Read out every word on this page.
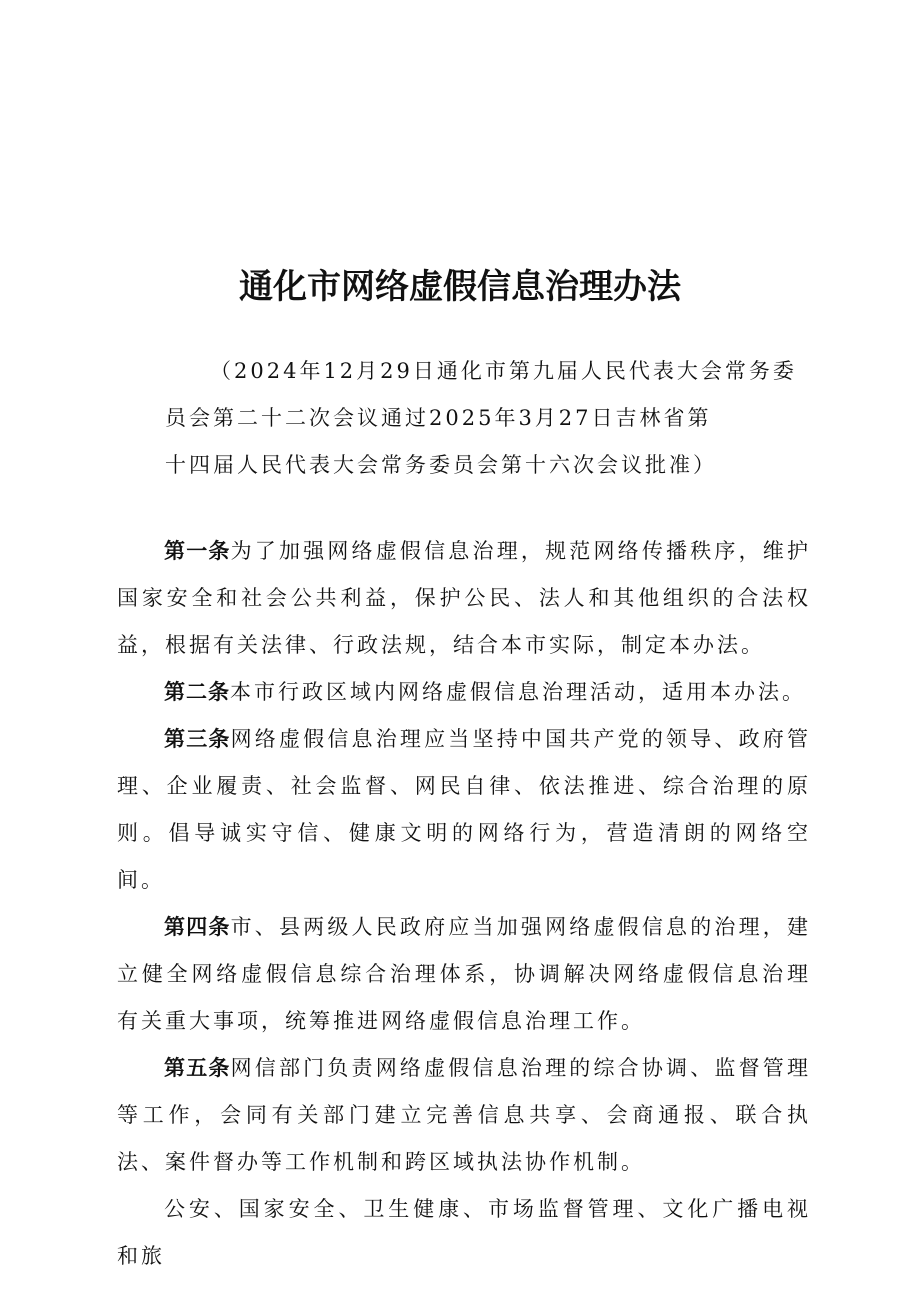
通化市网络虚假信息治理办法
（2024年12月29日通化市第九届人民代表大会常务委
员会第二十二次会议通过2025年3月27日吉林省第
十四届人民代表大会常务委员会第十六次会议批准）

第一条为了加强网络虚假信息治理，规范网络传播秩序，维护国家安全和社会公共利益，保护公民、法人和其他组织的合法权益，根据有关法律、行政法规，结合本市实际，制定本办法。

第二条本市行政区域内网络虚假信息治理活动，适用本办法。

第三条网络虚假信息治理应当坚持中国共产党的领导、政府管理、企业履责、社会监督、网民自律、依法推进、综合治理的原则。倡导诚实守信、健康文明的网络行为，营造清朗的网络空间。

第四条市、县两级人民政府应当加强网络虚假信息的治理，建立健全网络虚假信息综合治理体系，协调解决网络虚假信息治理有关重大事项，统筹推进网络虚假信息治理工作。

第五条网信部门负责网络虚假信息治理的综合协调、监督管理等工作，会同有关部门建立完善信息共享、会商通报、联合执法、案件督办等工作机制和跨区域执法协作机制。

公安、国家安全、卫生健康、市场监督管理、文化广播电视和旅
